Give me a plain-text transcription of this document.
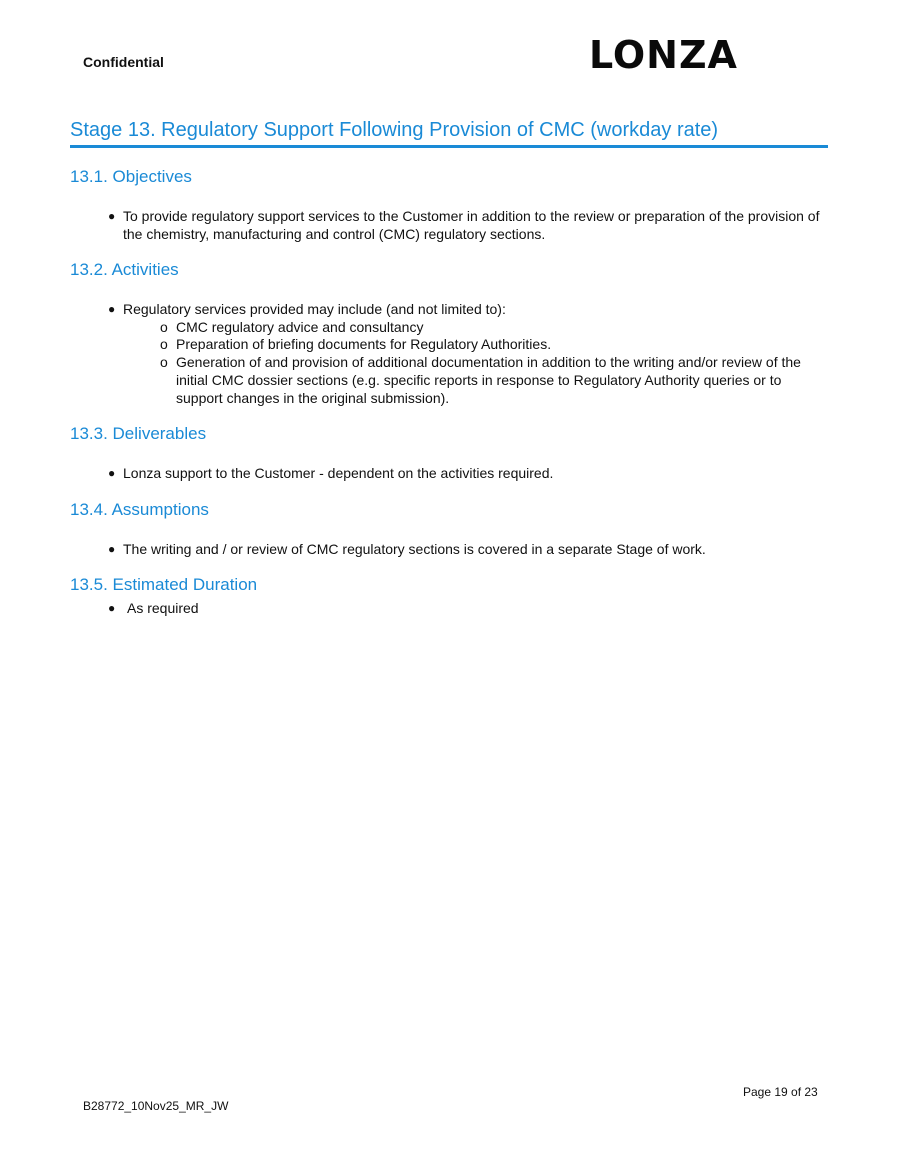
Confidential	LONZA
Stage 13. Regulatory Support Following Provision of CMC (workday rate)
13.1. Objectives
● To provide regulatory support services to the Customer in addition to the review or preparation of the provision of the chemistry, manufacturing and control (CMC) regulatory sections.
13.2. Activities
● Regulatory services provided may include (and not limited to):
o CMC regulatory advice and consultancy
o Preparation of briefing documents for Regulatory Authorities.
o Generation of and provision of additional documentation in addition to the writing and/or review of the initial CMC dossier sections (e.g. specific reports in response to Regulatory Authority queries or to support changes in the original submission).
13.3. Deliverables
● Lonza support to the Customer - dependent on the activities required.
13.4. Assumptions
● The writing and / or review of CMC regulatory sections is covered in a separate Stage of work.
13.5. Estimated Duration
● As required
Page 19 of 23
B28772_10Nov25_MR_JW
